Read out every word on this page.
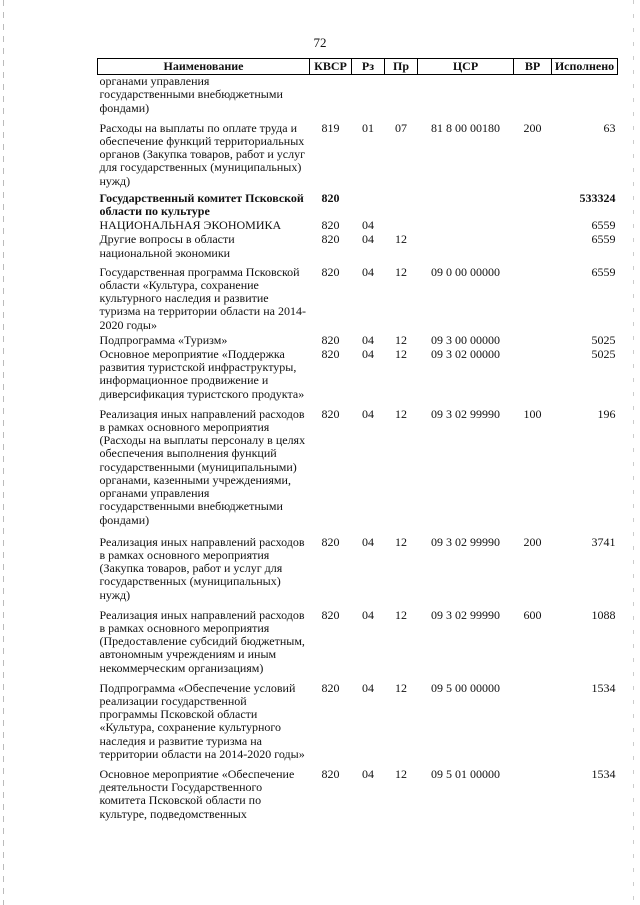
72
Наименование	КВСР	Рз	Пр	ЦСР	ВР	Исполнено
органами управления государственными внебюджетными фондами)						
Расходы на выплаты по оплате труда и обеспечение функций территориальных органов (Закупка товаров, работ и услуг для государственных (муниципальных) нужд)	819	01	07	81 8 00 00180	200	63
Государственный комитет Псковской области по культуре	820					533324
НАЦИОНАЛЬНАЯ ЭКОНОМИКА	820	04				6559
Другие вопросы в области национальной экономики	820	04	12			6559
Государственная программа Псковской области «Культура, сохранение культурного наследия и развитие туризма на территории области на 2014-2020 годы»	820	04	12	09 0 00 00000		6559
Подпрограмма «Туризм»	820	04	12	09 3 00 00000		5025
Основное мероприятие «Поддержка развития туристской инфраструктуры, информационное продвижение и диверсификация туристского продукта»	820	04	12	09 3 02 00000		5025
Реализация иных направлений расходов в рамках основного мероприятия (Расходы на выплаты персоналу в целях обеспечения выполнения функций государственными (муниципальными) органами, казенными учреждениями, органами управления государственными внебюджетными фондами)	820	04	12	09 3 02 99990	100	196
Реализация иных направлений расходов в рамках основного мероприятия (Закупка товаров, работ и услуг для государственных (муниципальных) нужд)	820	04	12	09 3 02 99990	200	3741
Реализация иных направлений расходов в рамках основного мероприятия (Предоставление субсидий бюджетным, автономным учреждениям и иным некоммерческим организациям)	820	04	12	09 3 02 99990	600	1088
Подпрограмма «Обеспечение условий реализации государственной программы Псковской области «Культура, сохранение культурного наследия и развитие туризма на территории области на 2014-2020 годы»	820	04	12	09 5 00 00000		1534
Основное мероприятие «Обеспечение деятельности Государственного комитета Псковской области по культуре, подведомственных	820	04	12	09 5 01 00000		1534
